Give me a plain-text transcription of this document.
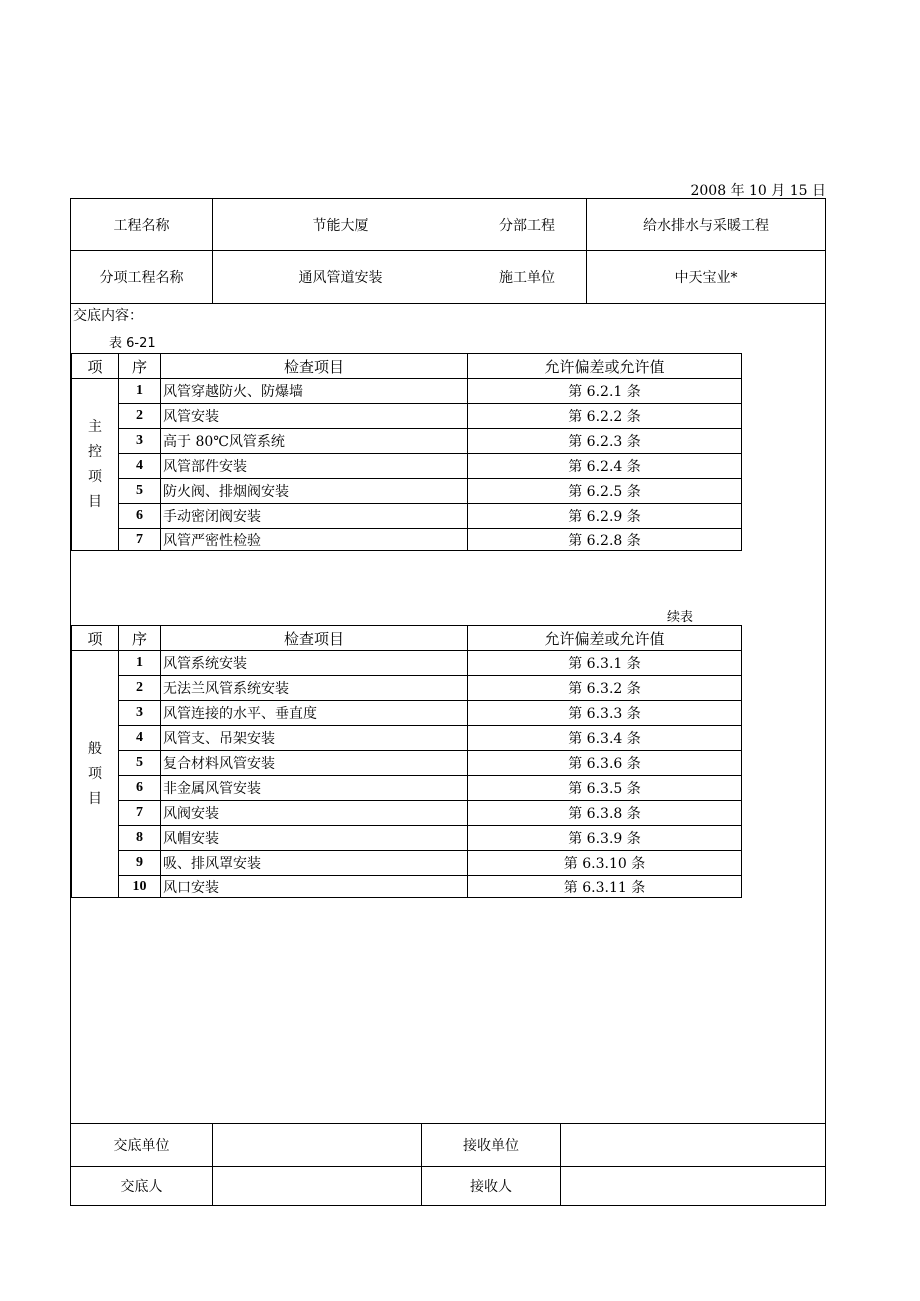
2008 年 10 月 15 日
工程名称	节能大厦	分部工程	给水排水与采暖工程
分项工程名称	通风管道安装	施工单位	中天宝业*
交底内容：
表 6-21
项	序	检查项目	允许偏差或允许值

主
控
项
目	1	风管穿越防火、防爆墙	第 6.2.1 条
	2	风管安装	第 6.2.2 条
	3	高于 80℃风管系统	第 6.2.3 条
	4	风管部件安装	第 6.2.4 条
	5	防火阀、排烟阀安装	第 6.2.5 条
	6	手动密闭阀安装	第 6.2.9 条
	7	风管严密性检验	第 6.2.8 条
续表
项	序	检查项目	允许偏差或允许值

般
项
目	1	风管系统安装	第 6.3.1 条
	2	无法兰风管系统安装	第 6.3.2 条
	3	风管连接的水平、垂直度	第 6.3.3 条
	4	风管支、吊架安装	第 6.3.4 条
	5	复合材料风管安装	第 6.3.6 条
	6	非金属风管安装	第 6.3.5 条
	7	风阀安装	第 6.3.8 条
	8	风帽安装	第 6.3.9 条
	9	吸、排风罩安装	第 6.3.10 条
	10	风口安装	第 6.3.11 条
交底单位	接收单位
交底人	接收人
